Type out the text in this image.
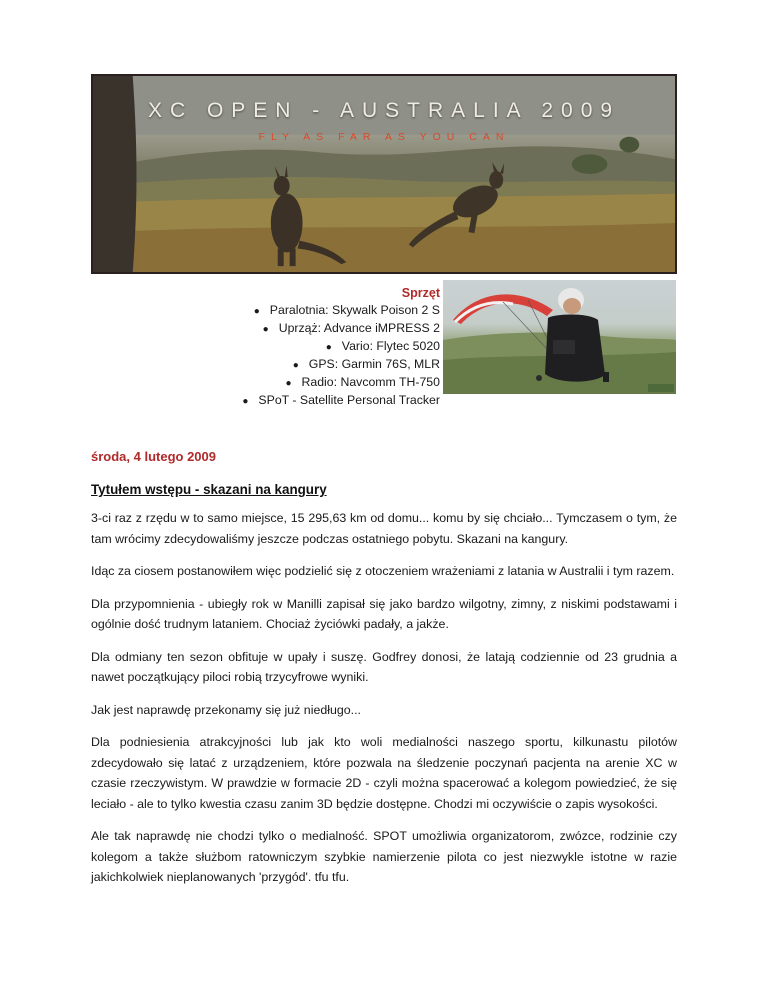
XC OPEN - AUSTRALIA 2009
FLY AS FAR AS YOU CAN
Sprzęt
● Paralotnia: Skywalk Poison 2 S
● Uprząż: Advance iMPRESS 2
● Vario: Flytec 5020
● GPS: Garmin 76S, MLR
● Radio: Navcomm TH-750
● SPoT - Satellite Personal Tracker
środa, 4 lutego 2009
Tytułem wstępu - skazani na kangury

3-ci raz z rzędu w to samo miejsce, 15 295,63 km od domu... komu by się chciało... Tymczasem o tym, że tam wrócimy zdecydowaliśmy jeszcze podczas ostatniego pobytu. Skazani na kangury.

Idąc za ciosem postanowiłem więc podzielić się z otoczeniem wrażeniami z latania w Australii i tym razem.

Dla przypomnienia - ubiegły rok w Manilli zapisał się jako bardzo wilgotny, zimny, z niskimi podstawami i ogólnie dość trudnym lataniem. Chociaż życiówki padały, a jakże.

Dla odmiany ten sezon obfituje w upały i suszę. Godfrey donosi, że latają codziennie od 23 grudnia a nawet początkujący piloci robią trzycyfrowe wyniki.

Jak jest naprawdę przekonamy się już niedługo...

Dla podniesienia atrakcyjności lub jak kto woli medialności naszego sportu, kilkunastu pilotów zdecydowało się latać z urządzeniem, które pozwala na śledzenie poczynań pacjenta na arenie XC w czasie rzeczywistym. W prawdzie w formacie 2D - czyli można spacerować a kolegom powiedzieć, że się leciało - ale to tylko kwestia czasu zanim 3D będzie dostępne. Chodzi mi oczywiście o zapis wysokości.

Ale tak naprawdę nie chodzi tylko o medialność. SPOT umożliwia organizatorom, zwózce, rodzinie czy kolegom a także służbom ratowniczym szybkie namierzenie pilota co jest niezwykle istotne w razie jakichkolwiek nieplanowanych 'przygód'. tfu tfu.
